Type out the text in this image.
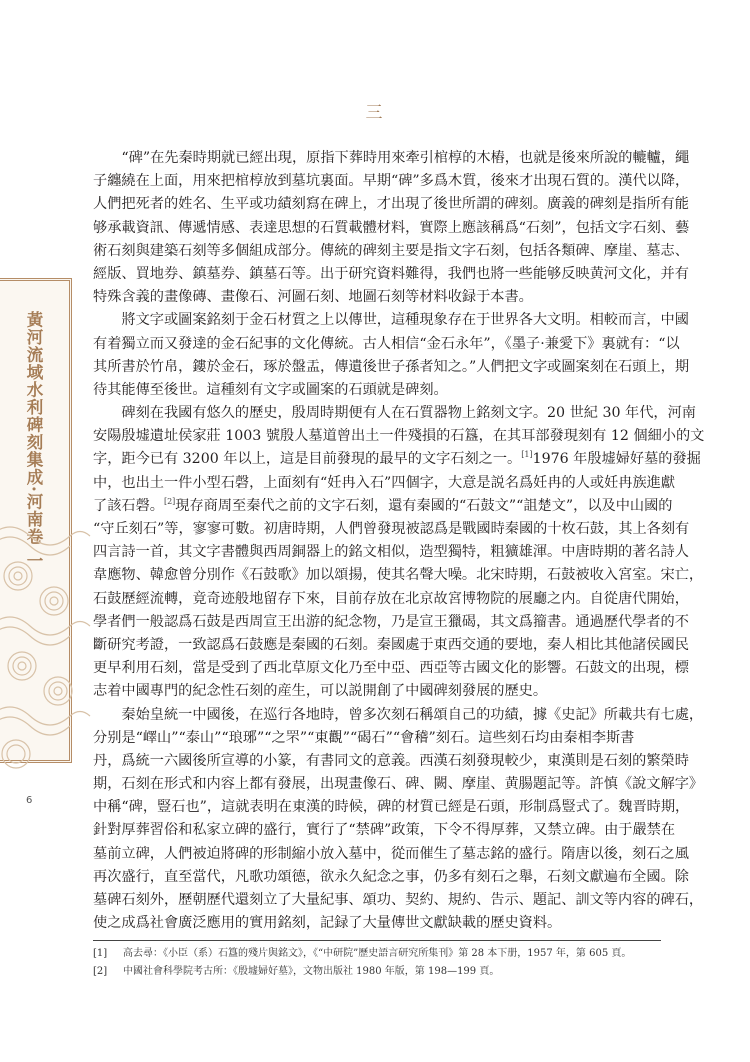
三
黃河流域水利碑刻集成·河南卷 一
6
　　“碑”在先秦時期就已經出現，原指下葬時用來牽引棺椁的木樁，也就是後來所說的轆轤，繩
子纏繞在上面，用來把棺椁放到墓坑裏面。早期“碑”多爲木質，後來才出現石質的。漢代以降，
人們把死者的姓名、生平或功績刻寫在碑上，才出現了後世所謂的碑刻。廣義的碑刻是指所有能
够承載資訊、傳遞情感、表達思想的石質載體材料，實際上應該稱爲“石刻”，包括文字石刻、藝
術石刻與建築石刻等多個組成部分。傳統的碑刻主要是指文字石刻，包括各類碑、摩崖、墓志、
經版、買地券、鎮墓券、鎮墓石等。出于研究資料難得，我們也將一些能够反映黄河文化，并有
特殊含義的畫像磚、畫像石、河圖石刻、地圖石刻等材料收録于本書。
　　將文字或圖案銘刻于金石材質之上以傳世，這種現象存在于世界各大文明。相較而言，中國
有着獨立而又發達的金石紀事的文化傳統。古人相信“金石永年”，《墨子·兼愛下》裏就有：“以
其所書於竹帛，鏤於金石，琢於盤盂，傳遺後世子孫者知之。”人們把文字或圖案刻在石頭上，期
待其能傳至後世。這種刻有文字或圖案的石頭就是碑刻。
　　碑刻在我國有悠久的歷史，殷周時期便有人在石質器物上銘刻文字。20 世紀 30 年代，河南
安陽殷墟遺址侯家莊 1003 號殷人墓道曾出土一件殘損的石簋，在其耳部發現刻有 12 個細小的文
字，距今已有 3200 年以上，這是目前發現的最早的文字石刻之一。[1]1976 年殷墟婦好墓的發掘
中，也出土一件小型石磬，上面刻有“妊冉入石”四個字，大意是説名爲妊冉的人或妊冉族進獻
了該石磬。[2]現存商周至秦代之前的文字石刻，還有秦國的“石鼓文”“詛楚文”，以及中山國的
“守丘刻石”等，寥寥可數。初唐時期，人們曾發現被認爲是戰國時秦國的十枚石鼓，其上各刻有
四言詩一首，其文字書體與西周銅器上的銘文相似，造型獨特，粗獷雄渾。中唐時期的著名詩人
韋應物、韓愈曾分別作《石鼓歌》加以頌揚，使其名聲大噪。北宋時期，石鼓被收入宮室。宋亡，
石鼓歷經流轉，竟奇迹般地留存下來，目前存放在北京故宮博物院的展廳之内。自從唐代開始，
學者們一般認爲石鼓是西周宣王出游的紀念物，乃是宣王獵碣，其文爲籀書。通過歷代學者的不
斷研究考證，一致認爲石鼓應是秦國的石刻。秦國處于東西交通的要地，秦人相比其他諸侯國民
更早利用石刻，當是受到了西北草原文化乃至中亞、西亞等古國文化的影響。石鼓文的出現，標
志着中國專門的紀念性石刻的産生，可以説開創了中國碑刻發展的歷史。
　　秦始皇統一中國後，在巡行各地時，曾多次刻石稱頌自己的功績，據《史記》所載共有七處，
分别是“嶧山”“泰山”“琅琊”“之罘”“東觀”“碣石”“會稽”刻石。這些刻石均由秦相李斯書
丹，爲統一六國後所宣導的小篆，有書同文的意義。西漢石刻發現較少，東漢則是石刻的繁榮時
期，石刻在形式和内容上都有發展，出現畫像石、碑、闕、摩崖、黄腸題記等。許慎《說文解字》
中稱“碑，豎石也”，這就表明在東漢的時候，碑的材質已經是石頭，形制爲豎式了。魏晋時期，
針對厚葬習俗和私家立碑的盛行，實行了“禁碑”政策，下令不得厚葬，又禁立碑。由于嚴禁在
墓前立碑，人們被迫將碑的形制縮小放入墓中，從而催生了墓志銘的盛行。隋唐以後，刻石之風
再次盛行，直至當代，凡歌功頌德，欲永久紀念之事，仍多有刻石之舉，石刻文獻遍布全國。除
墓碑石刻外，歷朝歷代還刻立了大量紀事、頌功、契約、規約、告示、題記、訓文等内容的碑石，
使之成爲社會廣泛應用的實用銘刻，記録了大量傳世文獻缺載的歷史資料。
[1] 高去尋：《小臣（系）石簋的殘片與銘文》，《“中研院”歷史語言研究所集刊》第 28 本下册，1957 年，第 605 頁。
[2] 中國社會科學院考古所：《殷墟婦好墓》，文物出版社 1980 年版，第 198—199 頁。
